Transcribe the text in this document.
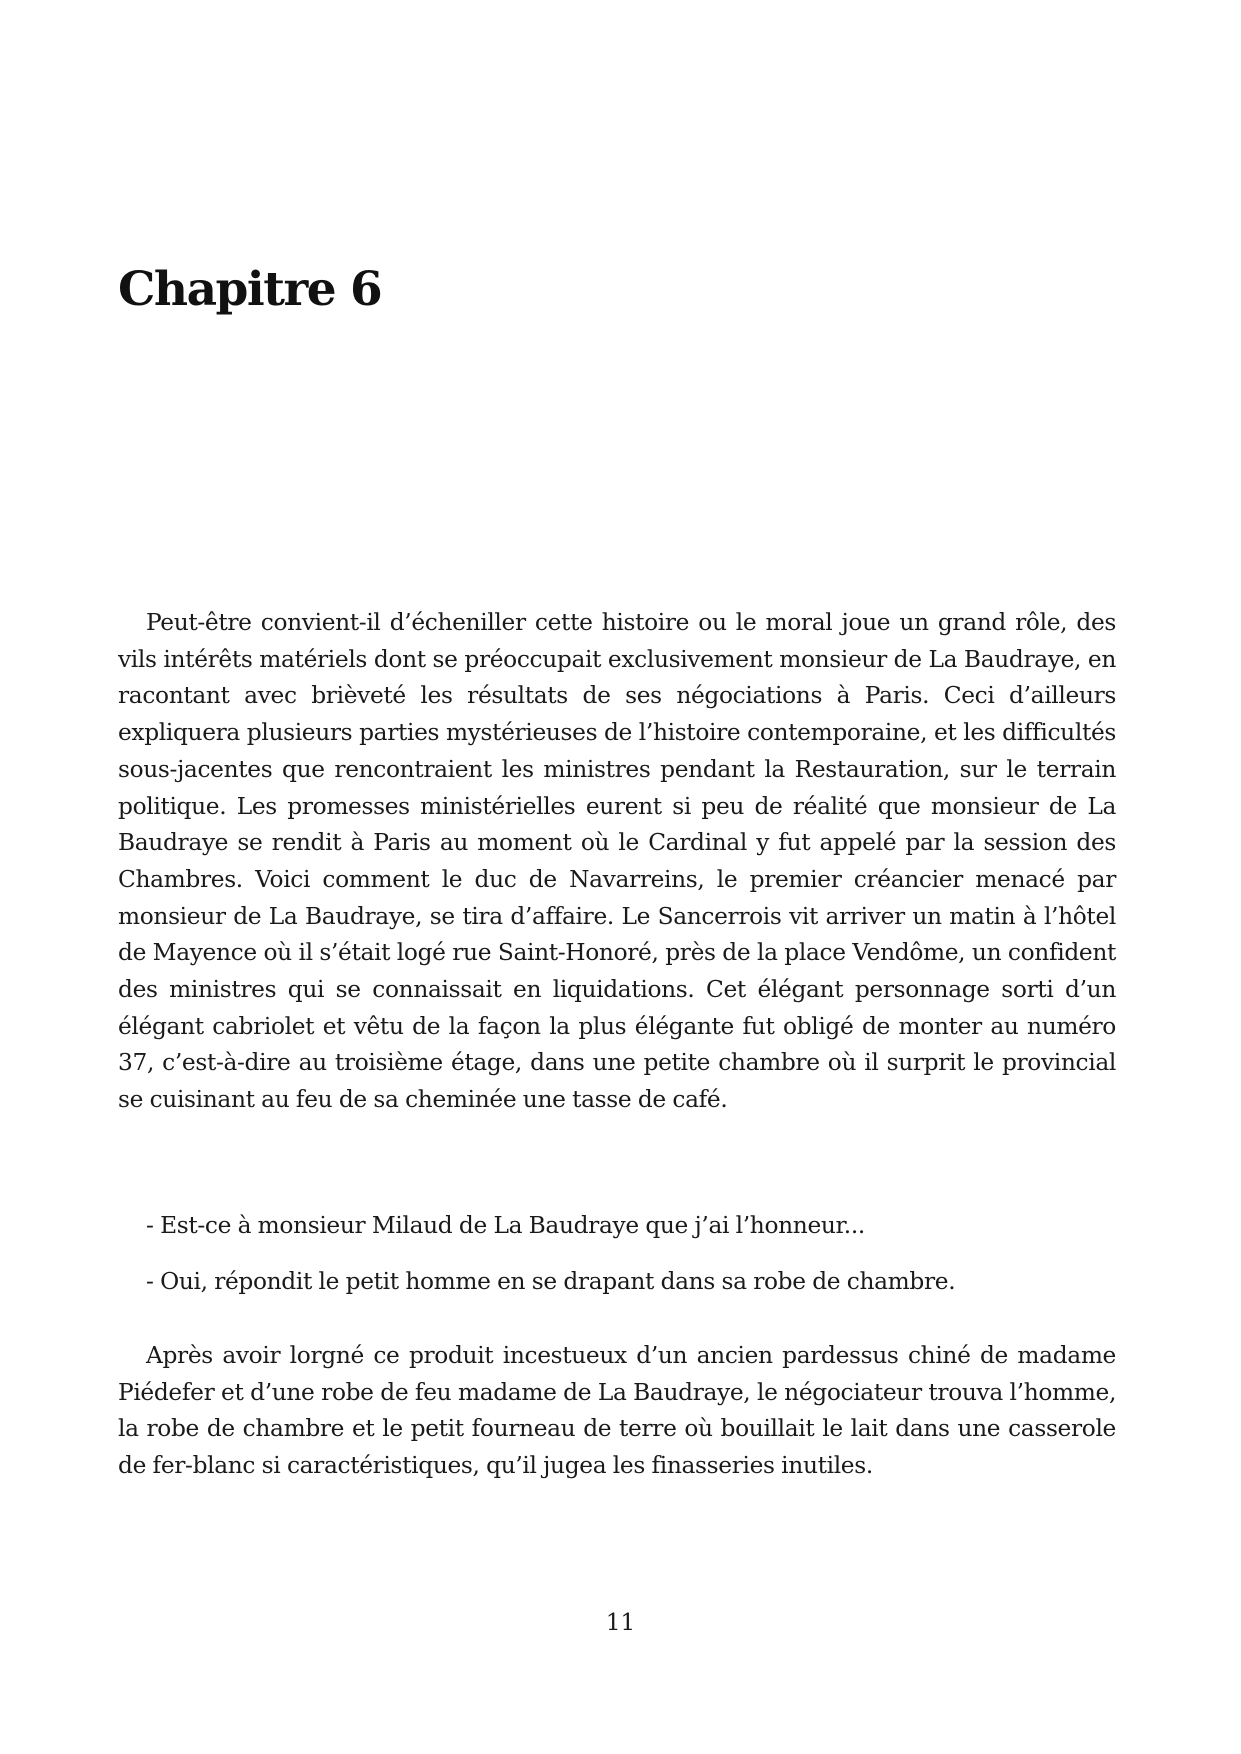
Chapitre 6

Peut-être convient-il d’écheniller cette histoire ou le moral joue un grand rôle, des vils intérêts matériels dont se préoccupait exclusivement monsieur de La Baudraye, en racontant avec brièveté les résultats de ses négociations à Paris. Ceci d’ailleurs expliquera plusieurs parties mystérieuses de l’histoire contemporaine, et les difficultés sous-jacentes que rencontraient les ministres pendant la Restauration, sur le terrain politique. Les promesses ministérielles eurent si peu de réalité que monsieur de La Baudraye se rendit à Paris au moment où le Cardinal y fut appelé par la session des Chambres. Voici comment le duc de Navarreins, le premier créancier menacé par monsieur de La Baudraye, se tira d’affaire. Le Sancerrois vit arriver un matin à l’hôtel de Mayence où il s’était logé rue Saint-Honoré, près de la place Vendôme, un confident des ministres qui se connaissait en liquidations. Cet élégant personnage sorti d’un élégant cabriolet et vêtu de la façon la plus élégante fut obligé de monter au numéro 37, c’est-à-dire au troisième étage, dans une petite chambre où il surprit le provincial se cuisinant au feu de sa cheminée une tasse de café.

- Est-ce à monsieur Milaud de La Baudraye que j’ai l’honneur...

- Oui, répondit le petit homme en se drapant dans sa robe de chambre.

Après avoir lorgné ce produit incestueux d’un ancien pardessus chiné de madame Piédefer et d’une robe de feu madame de La Baudraye, le négociateur trouva l’homme, la robe de chambre et le petit fourneau de terre où bouillait le lait dans une casserole de fer-blanc si caractéristiques, qu’il jugea les finasseries inutiles.

11
